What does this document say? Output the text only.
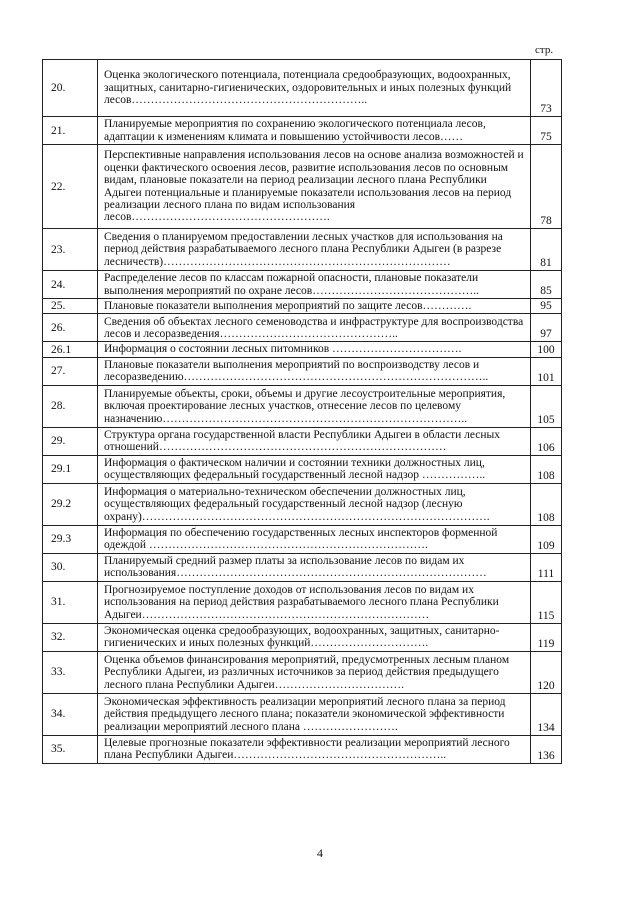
стр.
20.	Оценка экологического потенциала, потенциала средообразующих, водоохранных, защитных, санитарно-гигиенических, оздоровительных и иных полезных функций лесов……………………………………………………..	73
21.	Планируемые мероприятия по сохранению экологического потенциала лесов, адаптации к изменениям климата и повышению устойчивости лесов……	75
22.	Перспективные направления использования лесов на основе анализа возможностей и оценки фактического освоения лесов, развитие использования лесов по основным видам, плановые показатели на период реализации лесного плана Республики Адыгеи потенциальные и планируемые показатели использования лесов на период реализации лесного плана по видам использования лесов…………………………………………….	78
23.	Сведения о планируемом предоставлении лесных участков для использования на период действия разрабатываемого лесного плана Республики Адыгеи (в разрезе лесничеств)…………………………………………………………………	81
24.	Распределение лесов по классам пожарной опасности, плановые показатели выполнения мероприятий по охране лесов……………………………………..	85
25.	Плановые показатели выполнения мероприятий по защите лесов………….	95
26.	Сведения об объектах лесного семеноводства и инфраструктуре для воспроизводства лесов и лесоразведения………………………………………..	97
26.1	Информация о состоянии лесных питомников …………………………….	100
27.	Плановые показатели выполнения мероприятий по воспроизводству лесов и лесоразведению……………………………………………………………………..	101
28.	Планируемые объекты, сроки, объемы и другие лесоустроительные мероприятия, включая проектирование лесных участков, отнесение лесов по целевому назначению……………………………………………………………………..	105
29.	Структура органа государственной власти Республики Адыгеи в области лесных отношений…………………………………………………………………	106
29.1	Информация о фактическом наличии и состоянии техники должностных лиц, осуществляющих федеральный государственный лесной надзор ……………..	108
29.2	Информация о материально-техническом обеспечении должностных лиц, осуществляющих федеральный государственный лесной надзор (лесную охрану)……………………………………………………………………………….	108
29.3	Информация по обеспечению государственных лесных инспекторов форменной одеждой ……………………………………………………………….	109
30.	Планируемый средний размер платы за использование лесов по видам их использования………………………………………………………………………	111
31.	Прогнозируемое поступление доходов от использования лесов по видам их использования на период действия разрабатываемого лесного плана Республики Адыгеи…………………………………………………………………	115
32.	Экономическая оценка средообразующих, водоохранных, защитных, санитарно-гигиенических и иных полезных функций………………………….	119
33.	Оценка объемов финансирования мероприятий, предусмотренных лесным планом Республики Адыгеи, из различных источников за период действия предыдущего лесного плана Республики Адыгеи…………………………….	120
34.	Экономическая эффективность реализации мероприятий лесного плана за период действия предыдущего лесного плана; показатели экономической эффективности реализации мероприятий лесного плана …………………….	134
35.	Целевые прогнозные показатели эффективности реализации мероприятий лесного плана Республики Адыгеи………………………………………………..	136
4
